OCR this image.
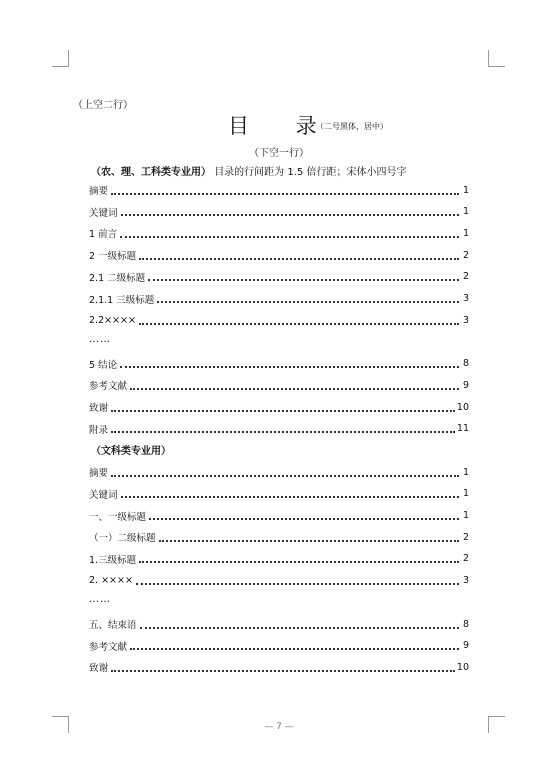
（上空二行）
目 录
（二号黑体，居中）
（下空一行）
（农、理、工科类专业用） 目录的行间距为 1.5 倍行距；宋体小四号字
摘要	1
关键词	1
1 前言	1
2 一级标题	2
2.1 二级标题	2
2.1.1 三级标题	3
2.2××××	3
……
5 结论	8
参考文献	9
致谢	10
附录	11
（文科类专业用）
摘要	1
关键词	1
一、一级标题	1
（一）二级标题	2
1.三级标题	2
2. ××××	3
……
五、结束语	8
参考文献	9
致谢	10
— 7 —
